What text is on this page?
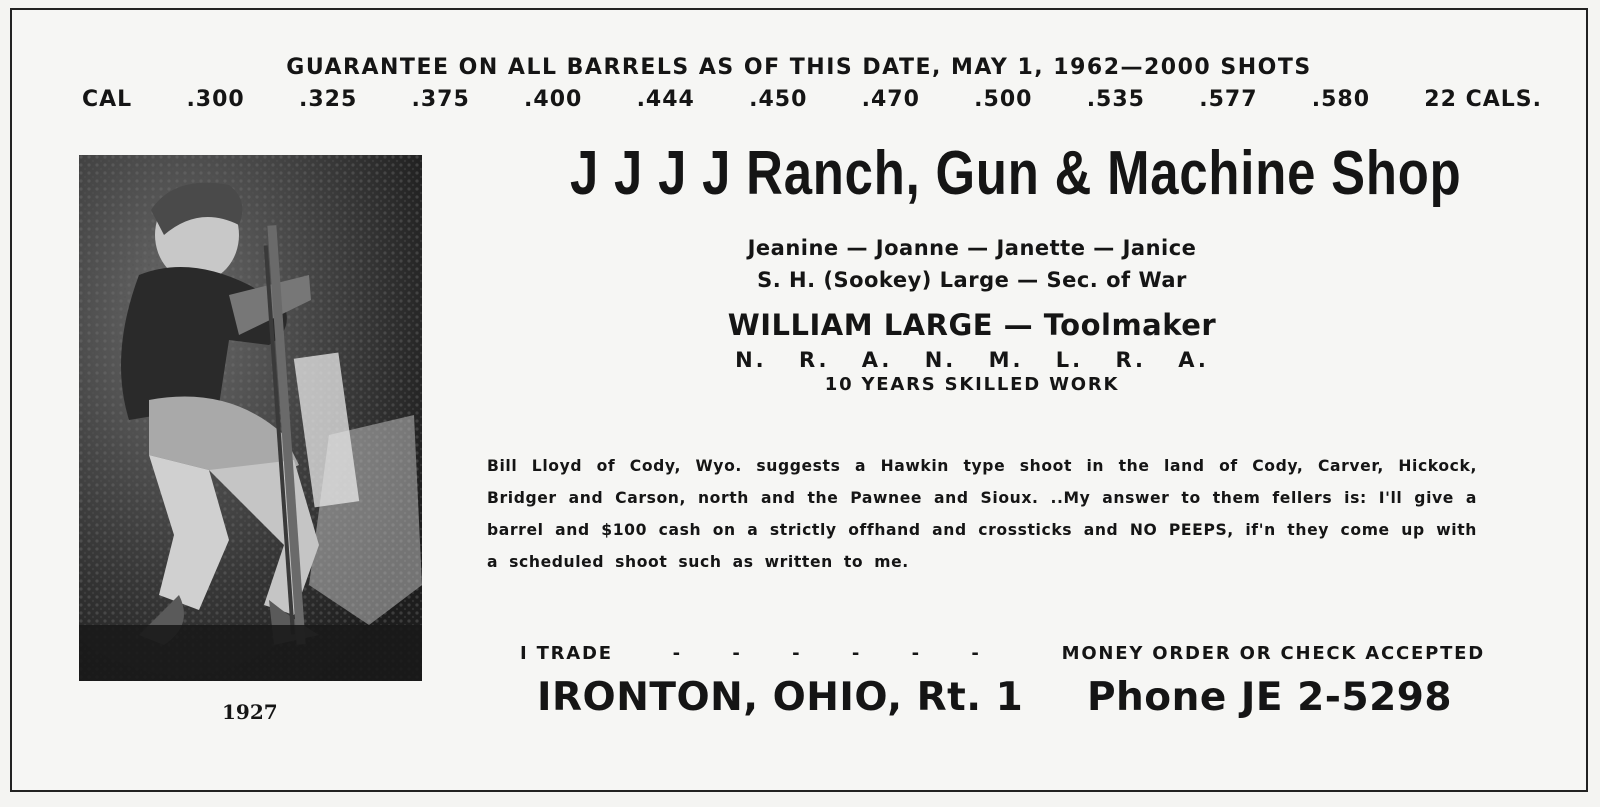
GUARANTEE ON ALL BARRELS AS OF THIS DATE, MAY 1, 1962—2000 SHOTS
CAL .300 .325 .375 .400 .444 .450 .470 .500 .535 .577 .580 22 CALS.
1927
J J J J Ranch, Gun & Machine Shop
Jeanine — Joanne — Janette — Janice
S. H. (Sookey) Large — Sec. of War
WILLIAM LARGE — Toolmaker
N. R. A. N. M. L. R. A.
10 YEARS SKILLED WORK
Bill Lloyd of Cody, Wyo. suggests a Hawkin type shoot in the land of Cody, Carver, Hickock, Bridger and Carson, north and the Pawnee and Sioux. ..My answer to them fellers is: I'll give a barrel and $100 cash on a strictly offhand and crossticks and NO PEEPS, if'n they come up with a scheduled shoot such as written to me.
I TRADE	- - - - - -	MONEY ORDER OR CHECK ACCEPTED
IRONTON, OHIO, Rt. 1 Phone JE 2-5298
